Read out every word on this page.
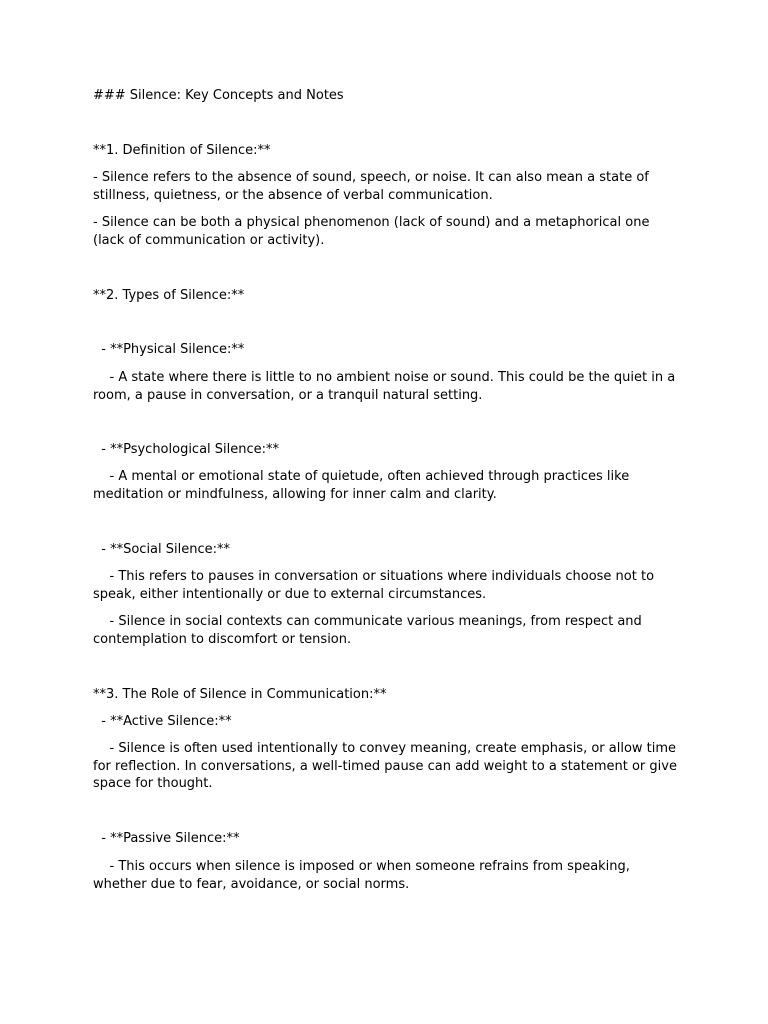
### Silence: Key Concepts and Notes

**1. Definition of Silence:**

- Silence refers to the absence of sound, speech, or noise. It can also mean a state of stillness, quietness, or the absence of verbal communication.

- Silence can be both a physical phenomenon (lack of sound) and a metaphorical one (lack of communication or activity).

**2. Types of Silence:**

- **Physical Silence:**

- A state where there is little to no ambient noise or sound. This could be the quiet in a room, a pause in conversation, or a tranquil natural setting.

- **Psychological Silence:**

- A mental or emotional state of quietude, often achieved through practices like meditation or mindfulness, allowing for inner calm and clarity.

- **Social Silence:**

- This refers to pauses in conversation or situations where individuals choose not to speak, either intentionally or due to external circumstances.

- Silence in social contexts can communicate various meanings, from respect and contemplation to discomfort or tension.

**3. The Role of Silence in Communication:**

- **Active Silence:**

- Silence is often used intentionally to convey meaning, create emphasis, or allow time for reflection. In conversations, a well-timed pause can add weight to a statement or give space for thought.

- **Passive Silence:**

- This occurs when silence is imposed or when someone refrains from speaking, whether due to fear, avoidance, or social norms.
